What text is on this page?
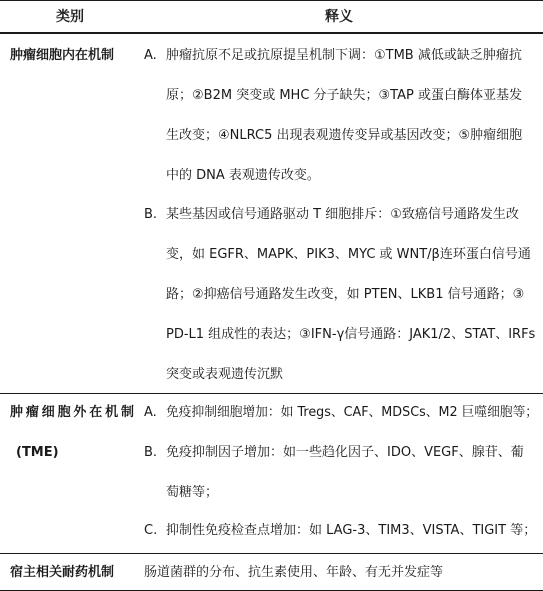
类别	释义
肿瘤细胞内在机制 A. 肿瘤抗原不足或抗原提呈机制下调：①TMB 减低或缺乏肿瘤抗
原；②B2M 突变或 MHC 分子缺失；③TAP 或蛋白酶体亚基发
生改变；④NLRC5 出现表观遗传变异或基因改变；⑤肿瘤细胞
中的 DNA 表观遗传改变。
B. 某些基因或信号通路驱动 T 细胞排斥：①致癌信号通路发生改
变，如 EGFR、MAPK、PIK3、MYC 或 WNT/β连环蛋白信号通
路；②抑癌信号通路发生改变，如 PTEN、LKB1 信号通路；③
PD-L1 组成性的表达；③IFN-γ信号通路：JAK1/2、STAT、IRFs
突变或表观遗传沉默
肿瘤细胞外在机制
(TME)
A. 免疫抑制细胞增加：如 Tregs、CAF、MDSCs、M2 巨噬细胞等；
B. 免疫抑制因子增加：如一些趋化因子、IDO、VEGF、腺苷、葡
萄糖等；
C. 抑制性免疫检查点增加：如 LAG-3、TIM3、VISTA、TIGIT 等；
宿主相关耐药机制 肠道菌群的分布、抗生素使用、年龄、有无并发症等
